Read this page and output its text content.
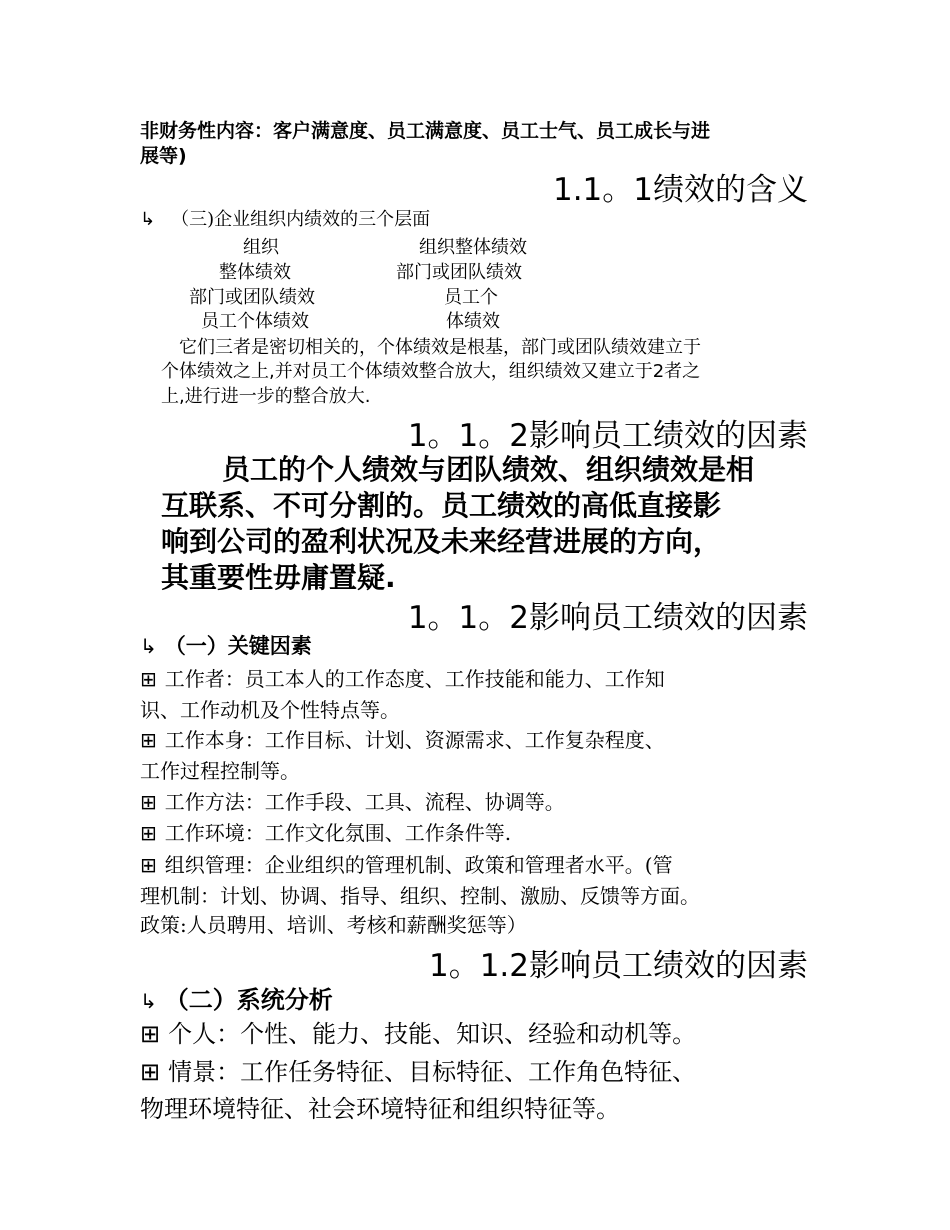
非财务性内容：客户满意度、员工满意度、员工士气、员工成长与进
展等)
1.1。1绩效的含义
↳ （三)企业组织内绩效的三个层面
组织
整体绩效
部门或团队绩效
员工个体绩效
组织整体绩效
部门或团队绩效
员工个
体绩效
它们三者是密切相关的，个体绩效是根基，部门或团队绩效建立于
个体绩效之上,并对员工个体绩效整合放大，组织绩效又建立于2者之
上,进行进一步的整合放大.
1。1。2影响员工绩效的因素
员工的个人绩效与团队绩效、组织绩效是相
互联系、不可分割的。员工绩效的高低直接影
响到公司的盈利状况及未来经营进展的方向，
其重要性毋庸置疑.
1。1。2影响员工绩效的因素
↳ （一）关键因素
⊞ 工作者：员工本人的工作态度、工作技能和能力、工作知
识、工作动机及个性特点等。
⊞ 工作本身：工作目标、计划、资源需求、工作复杂程度、
工作过程控制等。
⊞ 工作方法：工作手段、工具、流程、协调等。
⊞ 工作环境：工作文化氛围、工作条件等.
⊞ 组织管理：企业组织的管理机制、政策和管理者水平。(管
理机制：计划、协调、指导、组织、控制、激励、反馈等方面。
政策:人员聘用、培训、考核和薪酬奖惩等）
1。1.2影响员工绩效的因素
↳ （二）系统分析
⊞ 个人：个性、能力、技能、知识、经验和动机等。
⊞ 情景：工作任务特征、目标特征、工作角色特征、
物理环境特征、社会环境特征和组织特征等。
